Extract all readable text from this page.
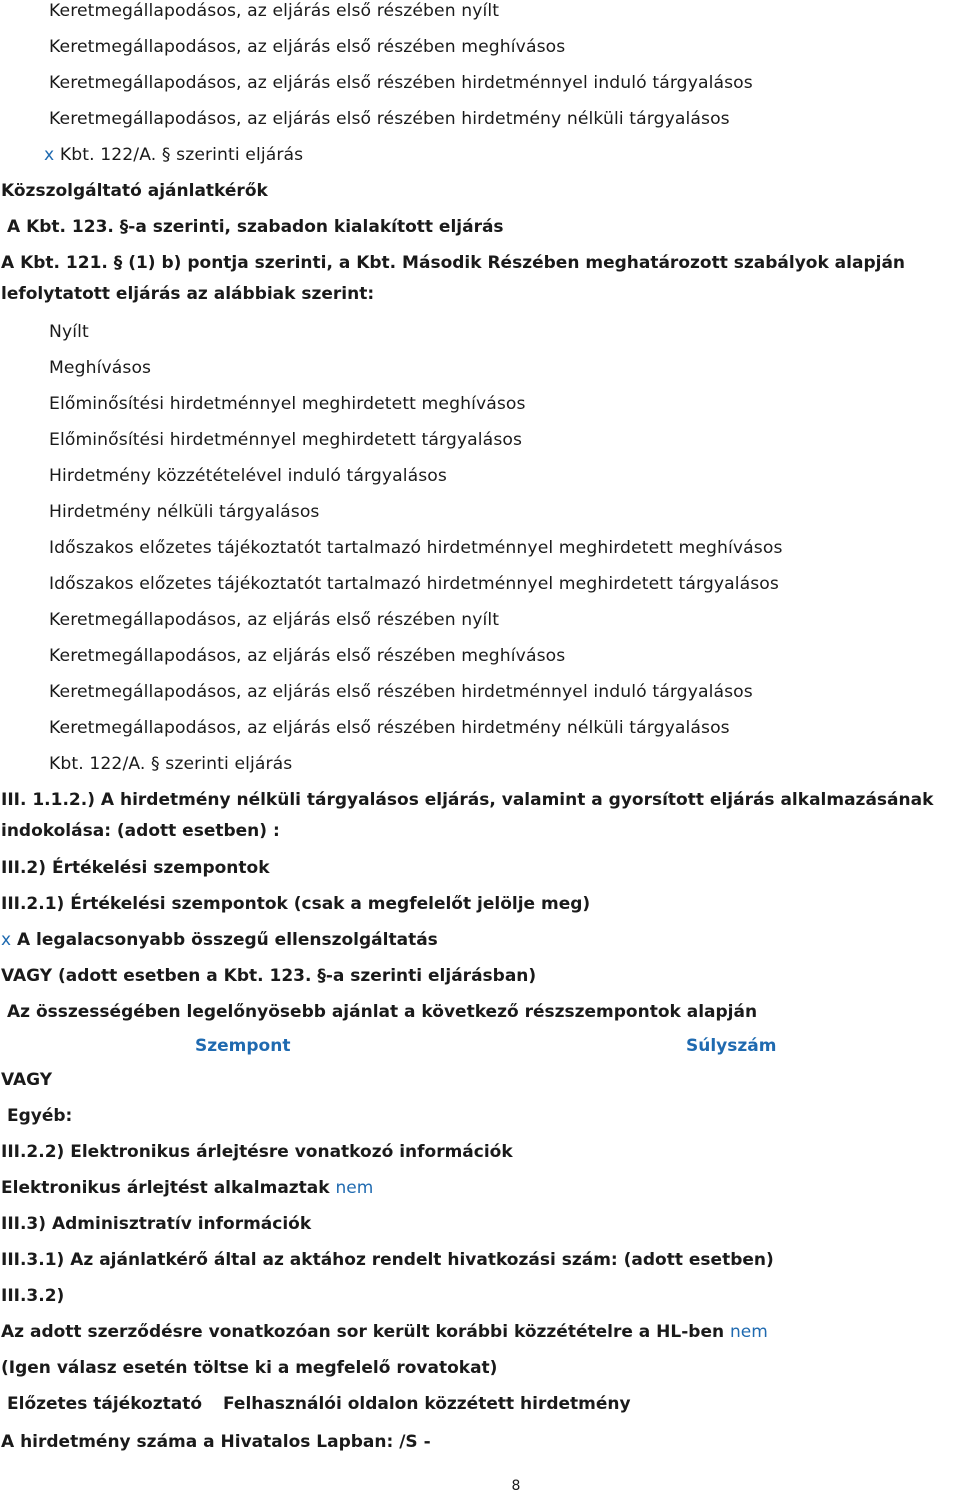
Keretmegállapodásos, az eljárás első részében nyílt
Keretmegállapodásos, az eljárás első részében meghívásos
Keretmegállapodásos, az eljárás első részében hirdetménnyel induló tárgyalásos
Keretmegállapodásos, az eljárás első részében hirdetmény nélküli tárgyalásos
x Kbt. 122/A. § szerinti eljárás
Közszolgáltató ajánlatkérők
A Kbt. 123. §-a szerinti, szabadon kialakított eljárás
A Kbt. 121. § (1) b) pontja szerinti, a Kbt. Második Részében meghatározott szabályok alapján
lefolytatott eljárás az alábbiak szerint:
Nyílt
Meghívásos
Előminősítési hirdetménnyel meghirdetett meghívásos
Előminősítési hirdetménnyel meghirdetett tárgyalásos
Hirdetmény közzétételével induló tárgyalásos
Hirdetmény nélküli tárgyalásos
Időszakos előzetes tájékoztatót tartalmazó hirdetménnyel meghirdetett meghívásos
Időszakos előzetes tájékoztatót tartalmazó hirdetménnyel meghirdetett tárgyalásos
Keretmegállapodásos, az eljárás első részében nyílt
Keretmegállapodásos, az eljárás első részében meghívásos
Keretmegállapodásos, az eljárás első részében hirdetménnyel induló tárgyalásos
Keretmegállapodásos, az eljárás első részében hirdetmény nélküli tárgyalásos
Kbt. 122/A. § szerinti eljárás
III. 1.1.2.) A hirdetmény nélküli tárgyalásos eljárás, valamint a gyorsított eljárás alkalmazásának
indokolása: (adott esetben) :
III.2) Értékelési szempontok
III.2.1) Értékelési szempontok (csak a megfelelőt jelölje meg)
x A legalacsonyabb összegű ellenszolgáltatás
VAGY (adott esetben a Kbt. 123. §-a szerinti eljárásban)
Az összességében legelőnyösebb ajánlat a következő részszempontok alapján
Szempont	Súlyszám
VAGY
Egyéb:
III.2.2) Elektronikus árlejtésre vonatkozó információk
Elektronikus árlejtést alkalmaztak nem
III.3) Adminisztratív információk
III.3.1) Az ajánlatkérő által az aktához rendelt hivatkozási szám: (adott esetben)
III.3.2)
Az adott szerződésre vonatkozóan sor került korábbi közzétételre a HL-ben nem
(Igen válasz esetén töltse ki a megfelelő rovatokat)
Előzetes tájékoztató Felhasználói oldalon közzétett hirdetmény
A hirdetmény száma a Hivatalos Lapban: /S -
8
